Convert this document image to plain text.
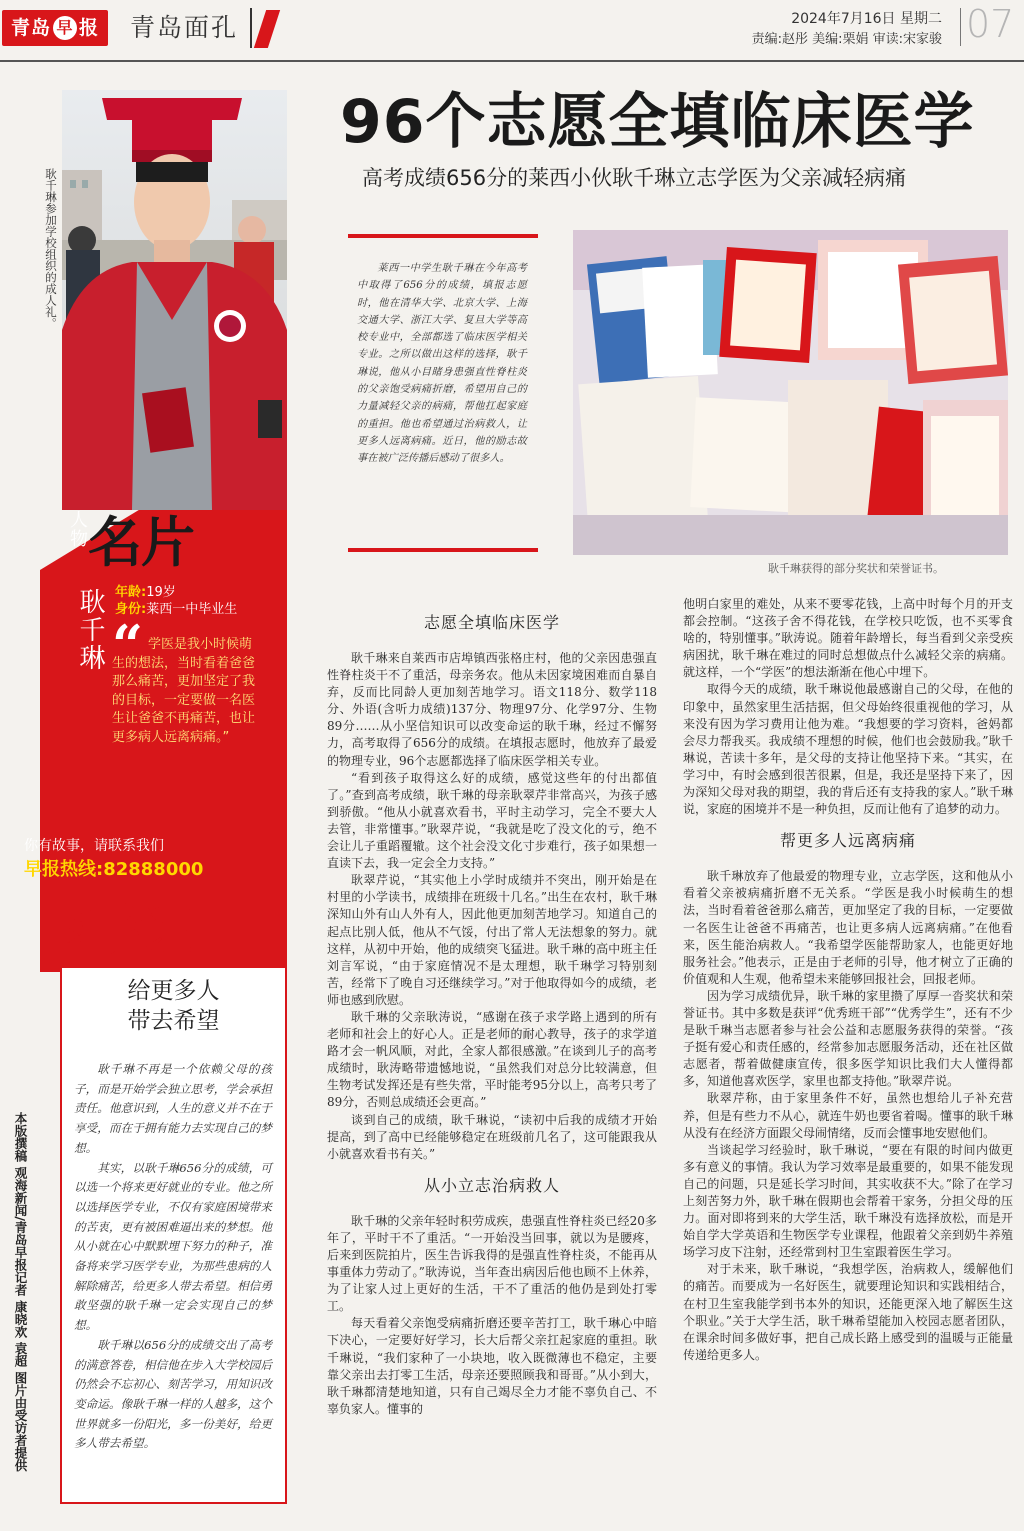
青岛 早 报	青岛面孔	2024年7月16日 星期二
责编:赵彤 美编:栗娟 审读:宋家骏 07
耿千琳参加学校组织的成人礼。
人物 名片
耿千琳 年龄:19岁
身份:莱西一中毕业生
“ 学医是我小时候萌生的想法，当时看着爸爸那么痛苦，更加坚定了我的目标，一定要做一名医生让爸爸不再痛苦，也让更多病人远离病痛。”
你有故事，请联系我们
早报热线:82888000
记者 手记
给更多人
带去希望

耿千琳不再是一个依赖父母的孩子，而是开始学会独立思考，学会承担责任。他意识到，人生的意义并不在于享受，而在于拥有能力去实现自己的梦想。

其实，以耿千琳656分的成绩，可以选一个将来更好就业的专业。他之所以选择医学专业，不仅有家庭困境带来的苦衷，更有被困难逼出来的梦想。他从小就在心中默默埋下努力的种子，准备将来学习医学专业，为那些患病的人解除痛苦，给更多人带去希望。相信勇敢坚强的耿千琳一定会实现自己的梦想。

耿千琳以656分的成绩交出了高考的满意答卷，相信他在步入大学校园后仍然会不忘初心、刻苦学习，用知识改变命运。像耿千琳一样的人越多，这个世界就多一份阳光，多一份美好，给更多人带去希望。

本版撰稿 观海新闻/青岛早报记者 康晓欢 袁超 图片由受访者提供
96个志愿全填临床医学
高考成绩656分的莱西小伙耿千琳立志学医为父亲减轻病痛

莱西一中学生耿千琳在今年高考中取得了656分的成绩，填报志愿时，他在清华大学、北京大学、上海交通大学、浙江大学、复旦大学等高校专业中，全部都选了临床医学相关专业。之所以做出这样的选择，耿千琳说，他从小目睹身患强直性脊柱炎的父亲饱受病痛折磨，希望用自己的力量减轻父亲的病痛，帮他扛起家庭的重担。他也希望通过治病救人，让更多人远离病痛。近日，他的励志故事在被广泛传播后感动了很多人。

耿千琳获得的部分奖状和荣誉证书。
志愿全填临床医学

耿千琳来自莱西市店埠镇西张格庄村，他的父亲因患强直性脊柱炎干不了重活，母亲务农。他从未因家境困难而自暴自弃，反而比同龄人更加刻苦地学习。语文118分、数学118分、外语(含听力成绩)137分、物理97分、化学97分、生物89分……从小坚信知识可以改变命运的耿千琳，经过不懈努力，高考取得了656分的成绩。在填报志愿时，他放弃了最爱的物理专业，96个志愿都选择了临床医学相关专业。

“看到孩子取得这么好的成绩，感觉这些年的付出都值了。”查到高考成绩，耿千琳的母亲耿翠芹非常高兴，为孩子感到骄傲。“他从小就喜欢看书，平时主动学习，完全不要大人去管，非常懂事。”耿翠芹说，“我就是吃了没文化的亏，绝不会让儿子重蹈覆辙。这个社会没文化寸步难行，孩子如果想一直读下去，我一定会全力支持。”

耿翠芹说，“其实他上小学时成绩并不突出，刚开始是在村里的小学读书，成绩排在班级十几名。”出生在农村，耿千琳深知山外有山人外有人，因此他更加刻苦地学习。知道自己的起点比别人低，他从不气馁，付出了常人无法想象的努力。就这样，从初中开始，他的成绩突飞猛进。耿千琳的高中班主任刘言军说，“由于家庭情况不是太理想，耿千琳学习特别刻苦，经常下了晚自习还继续学习。”对于他取得如今的成绩，老师也感到欣慰。

耿千琳的父亲耿涛说，“感谢在孩子求学路上遇到的所有老师和社会上的好心人。正是老师的耐心教导，孩子的求学道路才会一帆风顺，对此，全家人都很感激。”在谈到儿子的高考成绩时，耿涛略带遗憾地说，“虽然我们对总分比较满意，但生物考试发挥还是有些失常，平时能考95分以上，高考只考了89分，否则总成绩还会更高。”

谈到自己的成绩，耿千琳说，“读初中后我的成绩才开始提高，到了高中已经能够稳定在班级前几名了，这可能跟我从小就喜欢看书有关。”

从小立志治病救人

耿千琳的父亲年轻时积劳成疾，患强直性脊柱炎已经20多年了，平时干不了重活。“一开始没当回事，就以为是腰疼，后来到医院拍片，医生告诉我得的是强直性脊柱炎，不能再从事重体力劳动了。”耿涛说，当年查出病因后他也顾不上休养，为了让家人过上更好的生活，干不了重活的他仍是到处打零工。

每天看着父亲饱受病痛折磨还要辛苦打工，耿千琳心中暗下决心，一定要好好学习，长大后帮父亲扛起家庭的重担。耿千琳说，“我们家种了一小块地，收入既微薄也不稳定，主要靠父亲出去打零工生活，母亲还要照顾我和哥哥。”从小到大，耿千琳都清楚地知道，只有自己竭尽全力才能不辜负自己、不辜负家人。懂事的

他明白家里的难处，从来不要零花钱，上高中时每个月的开支都会控制。“这孩子舍不得花钱，在学校只吃饭，也不买零食啥的，特别懂事。”耿涛说。随着年龄增长，每当看到父亲受疾病困扰，耿千琳在难过的同时总想做点什么减轻父亲的病痛。就这样，一个“学医”的想法渐渐在他心中埋下。

取得今天的成绩，耿千琳说他最感谢自己的父母，在他的印象中，虽然家里生活拮据，但父母始终很重视他的学习，从来没有因为学习费用让他为难。“我想要的学习资料，爸妈都会尽力帮我买。我成绩不理想的时候，他们也会鼓励我。”耿千琳说，苦读十多年，是父母的支持让他坚持下来。“其实，在学习中，有时会感到很苦很累，但是，我还是坚持下来了，因为深知父母对我的期望，我的背后还有支持我的家人。”耿千琳说，家庭的困境并不是一种负担，反而让他有了追梦的动力。

帮更多人远离病痛

耿千琳放弃了他最爱的物理专业，立志学医，这和他从小看着父亲被病痛折磨不无关系。“学医是我小时候萌生的想法，当时看着爸爸那么痛苦，更加坚定了我的目标，一定要做一名医生让爸爸不再痛苦，也让更多病人远离病痛。”在他看来，医生能治病救人。“我希望学医能帮助家人，也能更好地服务社会。”他表示，正是由于老师的引导，他才树立了正确的价值观和人生观，他希望未来能够回报社会，回报老师。

因为学习成绩优异，耿千琳的家里攒了厚厚一沓奖状和荣誉证书。其中多数是获评“优秀班干部”“优秀学生”，还有不少是耿千琳当志愿者参与社会公益和志愿服务获得的荣誉。“孩子挺有爱心和责任感的，经常参加志愿服务活动，还在社区做志愿者，帮着做健康宣传，很多医学知识比我们大人懂得都多，知道他喜欢医学，家里也都支持他。”耿翠芹说。

耿翠芹称，由于家里条件不好，虽然也想给儿子补充营养，但是有些力不从心，就连牛奶也要省着喝。懂事的耿千琳从没有在经济方面跟父母闹情绪，反而会懂事地安慰他们。

当谈起学习经验时，耿千琳说，“要在有限的时间内做更多有意义的事情。我认为学习效率是最重要的，如果不能发现自己的问题，只是延长学习时间，其实收获不大。”除了在学习上刻苦努力外，耿千琳在假期也会帮着干家务，分担父母的压力。面对即将到来的大学生活，耿千琳没有选择放松，而是开始自学大学英语和生物医学专业课程，他跟着父亲到奶牛养殖场学习皮下注射，还经常到村卫生室跟着医生学习。

对于未来，耿千琳说，“我想学医，治病救人，缓解他们的痛苦。而要成为一名好医生，就要理论知识和实践相结合，在村卫生室我能学到书本外的知识，还能更深入地了解医生这个职业。”关于大学生活，耿千琳希望能加入校园志愿者团队，在课余时间多做好事，把自己成长路上感受到的温暖与正能量传递给更多人。
